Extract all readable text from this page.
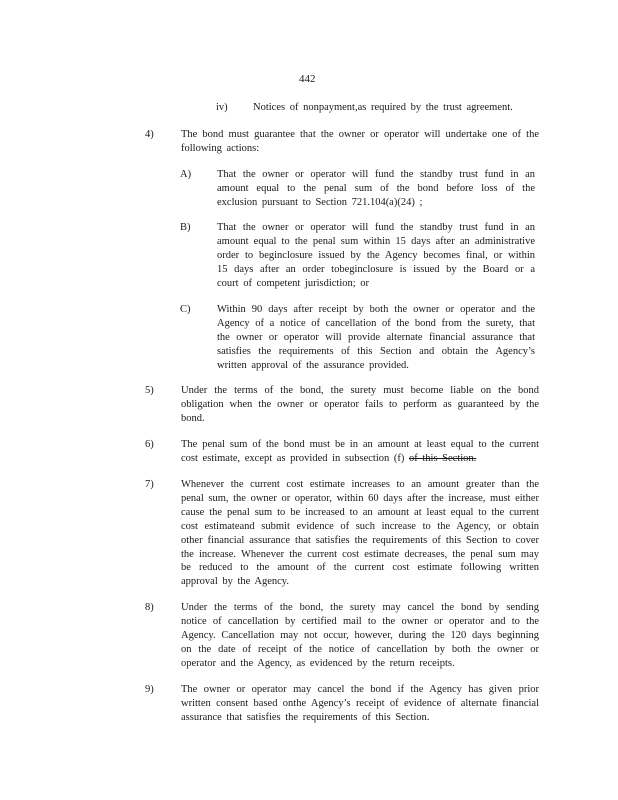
442
iv) Notices of nonpayment,as required by the trust agreement.
4)	The bond must guarantee that the owner or operator will undertake one of the following actions:
A) That the owner or operator will fund the standby trust fund in an amount equal to the penal sum of the bond before loss of the exclusion pursuant to Section 721.104(a)(24) ;
B)	That the owner or operator will fund the standby trust fund in an amount equal to the penal sum within 15 days after an administrative order to beginclosure issued by the Agency becomes final, or within 15 days after an order tobeginclosure is issued by the Board or a court of competent jurisdiction; or
C)	Within 90 days after receipt by both the owner or operator and the Agency of a notice of cancellation of the bond from the surety, that the owner or operator will provide alternate financial assurance that satisfies the requirements of this Section and obtain the Agency’s written approval of the assurance provided.
5)	Under the terms of the bond, the surety must become liable on the bond obligation when the owner or operator fails to perform as guaranteed by the bond.
6)	The penal sum of the bond must be in an amount at least equal to the current cost estimate, except as provided in subsection (f) of this Section.
7)	Whenever the current cost estimate increases to an amount greater than the penal sum, the owner or operator, within 60 days after the increase, must either cause the penal sum to be increased to an amount at least equal to the current cost estimateand submit evidence of such increase to the Agency, or obtain other financial assurance that satisfies the requirements of this Section to cover the increase. Whenever the current cost estimate decreases, the penal sum may be reduced to the amount of the current cost estimate following written approval by the Agency.
8)	Under the terms of the bond, the surety may cancel the bond by sending notice of cancellation by certified mail to the owner or operator and to the Agency. Cancellation may not occur, however, during the 120 days beginning on the date of receipt of the notice of cancellation by both the owner or operator and the Agency, as evidenced by the return receipts.
9)	The owner or operator may cancel the bond if the Agency has given prior written consent based onthe Agency’s receipt of evidence of alternate financial assurance that satisfies the requirements of this Section.
